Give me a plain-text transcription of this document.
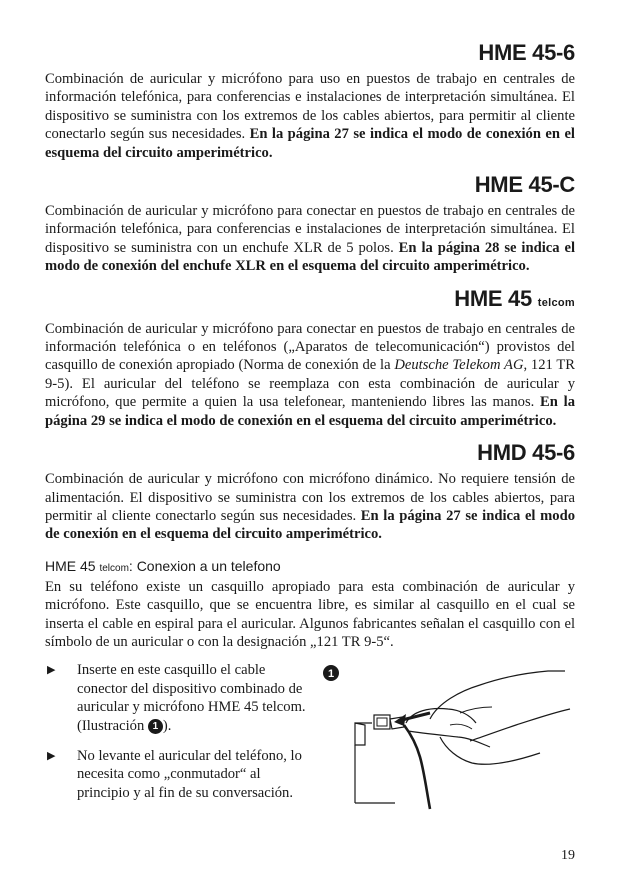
HME 45-6

Combinación de auricular y micrófono para uso en puestos de trabajo en centrales de información telefónica, para conferencias e instalaciones de interpretación simultánea. El dispositivo se suministra con los extremos de los cables abiertos, para permitir al cliente conectarlo según sus necesidades. En la página 27 se indica el modo de conexión en el esquema del circuito amperimétrico.

HME 45-C

Combinación de auricular y micrófono para conectar en puestos de trabajo en centrales de información telefónica, para conferencias e instalaciones de interpretación simultánea. El dispositivo se suministra con un enchufe XLR de 5 polos. En la página 28 se indica el modo de conexión del enchufe XLR en el esquema del circuito amperimétrico.

HME 45 telcom

Combinación de auricular y micrófono para conectar en puestos de trabajo en centrales de información telefónica o en teléfonos („Aparatos de telecomunicación“) provistos del casquillo de conexión apropiado (Norma de conexión de la Deutsche Telekom AG, 121 TR 9-5). El auricular del teléfono se reemplaza con esta combinación de auricular y micrófono, que permite a quien la usa telefonear, manteniendo libres las manos. En la página 29 se indica el modo de conexión en el esquema del circuito amperimétrico.

HMD 45-6

Combinación de auricular y micrófono con micrófono dinámico. No requiere tensión de alimentación. El dispositivo se suministra con los extremos de los cables abiertos, para permitir al cliente conectarlo según sus necesidades. En la página 27 se indica el modo de conexión en el esquema del circuito amperimétrico.

HME 45 telcom: Conexion a un telefono

En su teléfono existe un casquillo apropiado para esta combinación de auricular y micrófono. Este casquillo, que se encuentra libre, es similar al casquillo en el cual se inserta el cable en espiral para el auricular. Algunos fabricantes señalan el casquillo con el símbolo de un auricular o con la designación „121 TR 9-5“.

▶	Inserte en este casquillo el cable conector del dispositivo combinado de auricular y micrófono HME 45 telcom. (Ilustración 1 ).
▶	No levante el auricular del teléfono, lo necesita como „conmutador“ al principio y al fin de su conversación.
1
19
